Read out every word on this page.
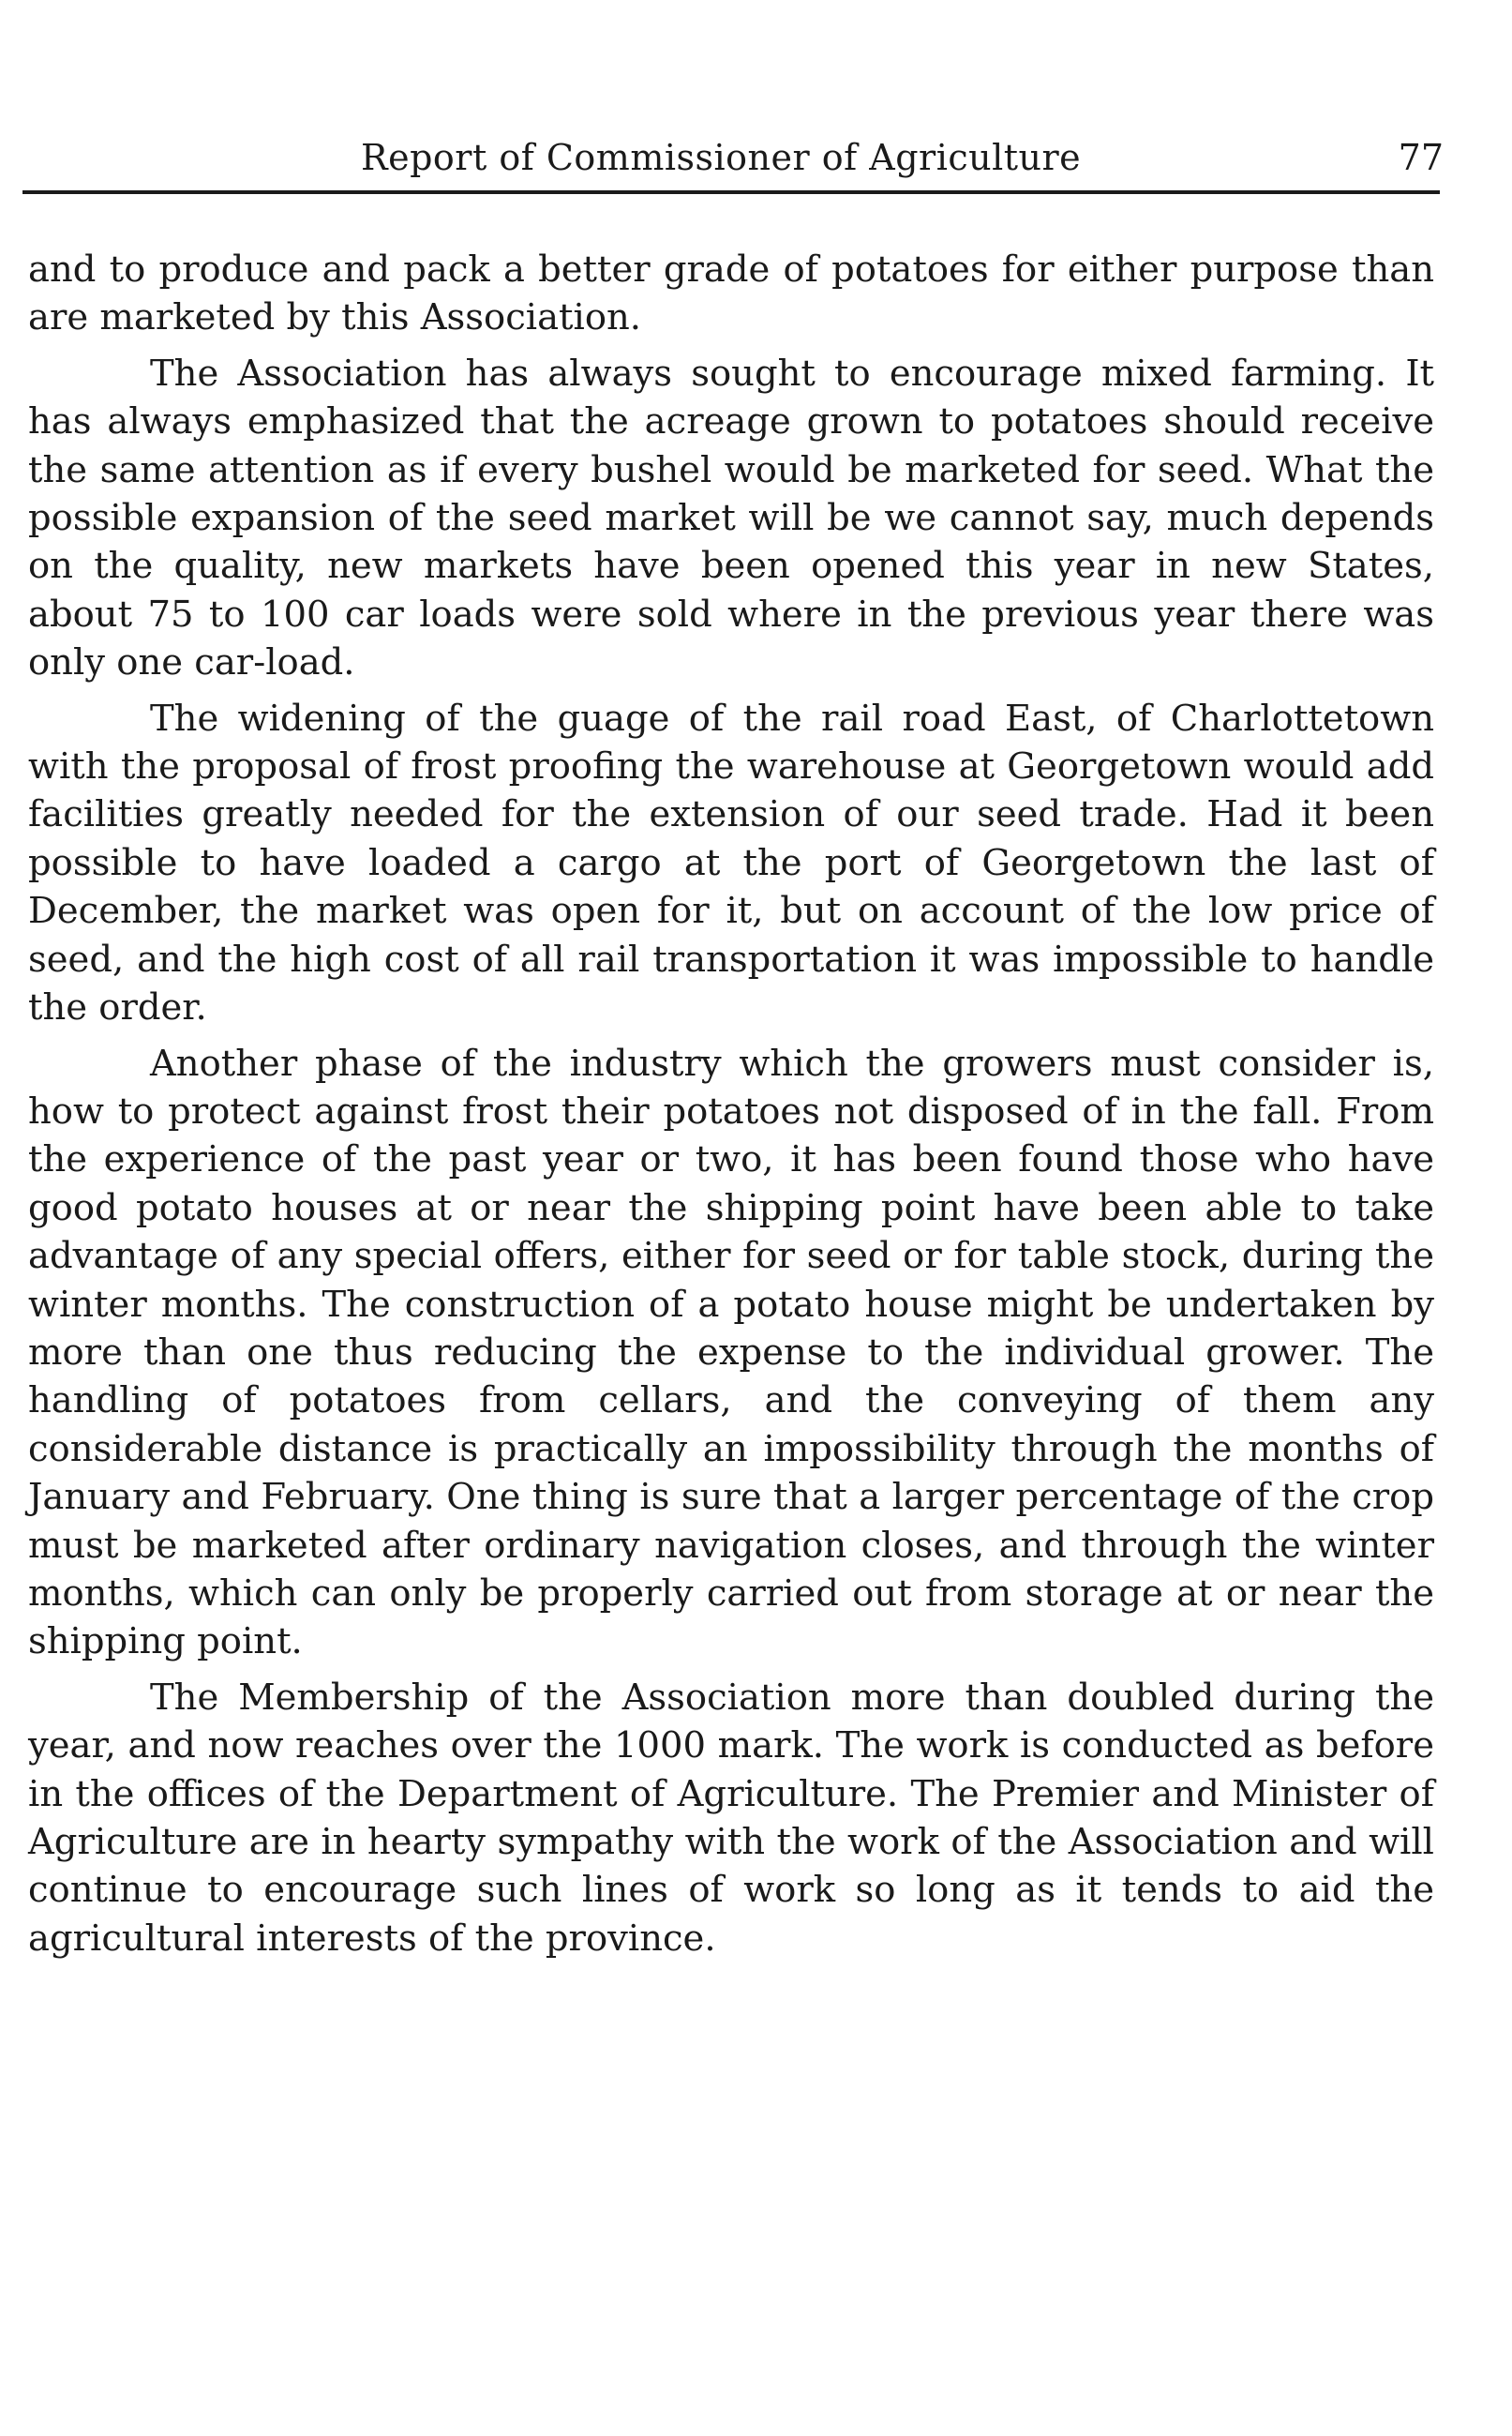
Report of Commissioner of Agriculture	77

and to produce and pack a better grade of potatoes for either purpose than are marketed by this Association.

The Association has always sought to encourage mixed farming. It has always emphasized that the acreage grown to potatoes should receive the same attention as if every bushel would be marketed for seed. What the possible expansion of the seed market will be we cannot say, much depends on the quality, new markets have been opened this year in new States, about 75 to 100 car loads were sold where in the previous year there was only one car-load.

The widening of the guage of the rail road East, of Charlottetown with the proposal of frost proofing the warehouse at Georgetown would add facilities greatly needed for the extension of our seed trade. Had it been possible to have loaded a cargo at the port of Georgetown the last of December, the market was open for it, but on account of the low price of seed, and the high cost of all rail transportation it was impossible to handle the order.

Another phase of the industry which the growers must consider is, how to protect against frost their potatoes not disposed of in the fall. From the experience of the past year or two, it has been found those who have good potato houses at or near the shipping point have been able to take advantage of any special offers, either for seed or for table stock, during the winter months. The construction of a potato house might be undertaken by more than one thus reducing the expense to the individual grower. The handling of potatoes from cellars, and the conveying of them any considerable distance is practically an impossibility through the months of January and February. One thing is sure that a larger percentage of the crop must be marketed after ordinary navigation closes, and through the winter months, which can only be properly carried out from storage at or near the shipping point.

The Membership of the Association more than doubled during the year, and now reaches over the 1000 mark. The work is conducted as before in the offices of the Department of Agriculture. The Premier and Minister of Agriculture are in hearty sympathy with the work of the Association and will continue to encourage such lines of work so long as it tends to aid the agricultural interests of the province.
